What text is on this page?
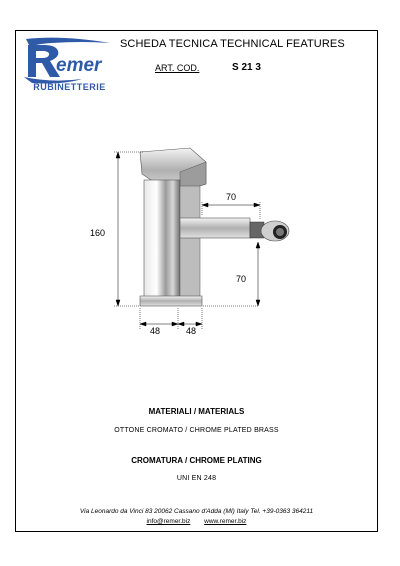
emer
RUBINETTERIE
SCHEDA TECNICA TECHNICAL FEATURES
ART. COD.	S 21 3
160
70
70
48	48
MATERIALI / MATERIALS
OTTONE CROMATO / CHROME PLATED BRASS
CROMATURA / CHROME PLATING
UNI EN 248
Via Leonardo da Vinci 83 20062 Cassano d'Adda (MI) Italy Tel. +39-0363 364211
info@remer.biz www.remer.biz
